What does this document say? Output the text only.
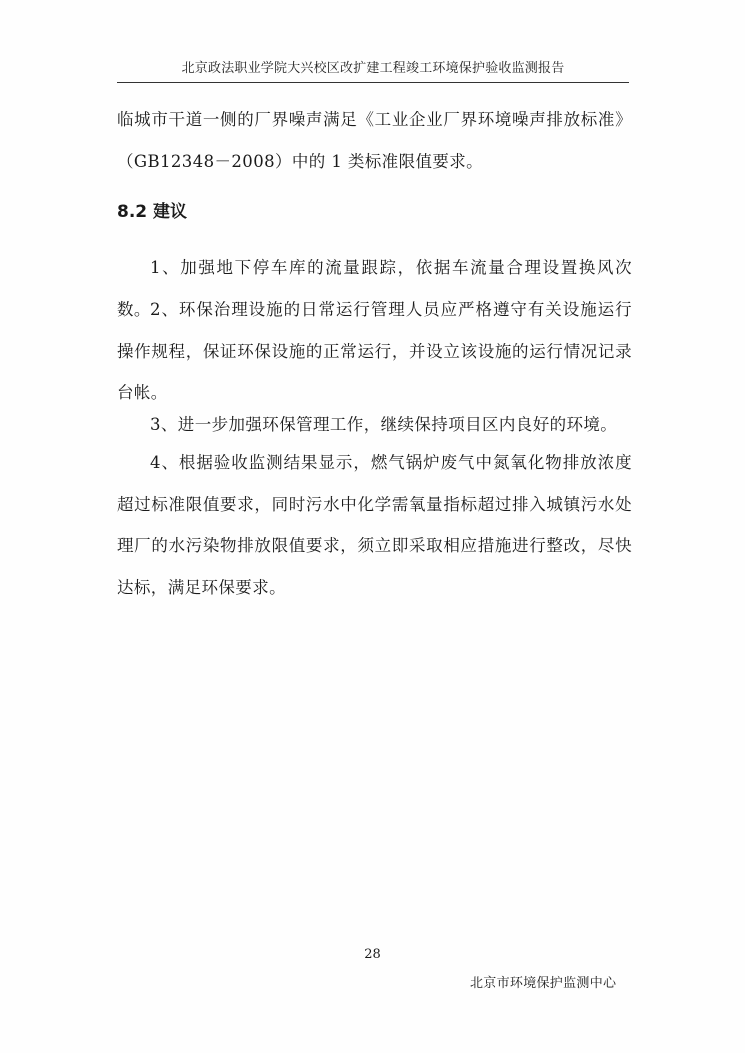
北京政法职业学院大兴校区改扩建工程竣工环境保护验收监测报告
临城市干道一侧的厂界噪声满足《工业企业厂界环境噪声排放标准》（GB12348－2008）中的 1 类标准限值要求。
8.2 建议
1、加强地下停车库的流量跟踪，依据车流量合理设置换风次数。 2、环保治理设施的日常运行管理人员应严格遵守有关设施运行操作规程，保证环保设施的正常运行，并设立该设施的运行情况记录台帐。
3、进一步加强环保管理工作，继续保持项目区内良好的环境。
4、根据验收监测结果显示，燃气锅炉废气中氮氧化物排放浓度超过标准限值要求，同时污水中化学需氧量指标超过排入城镇污水处理厂的水污染物排放限值要求，须立即采取相应措施进行整改，尽快达标，满足环保要求。
28
北京市环境保护监测中心
